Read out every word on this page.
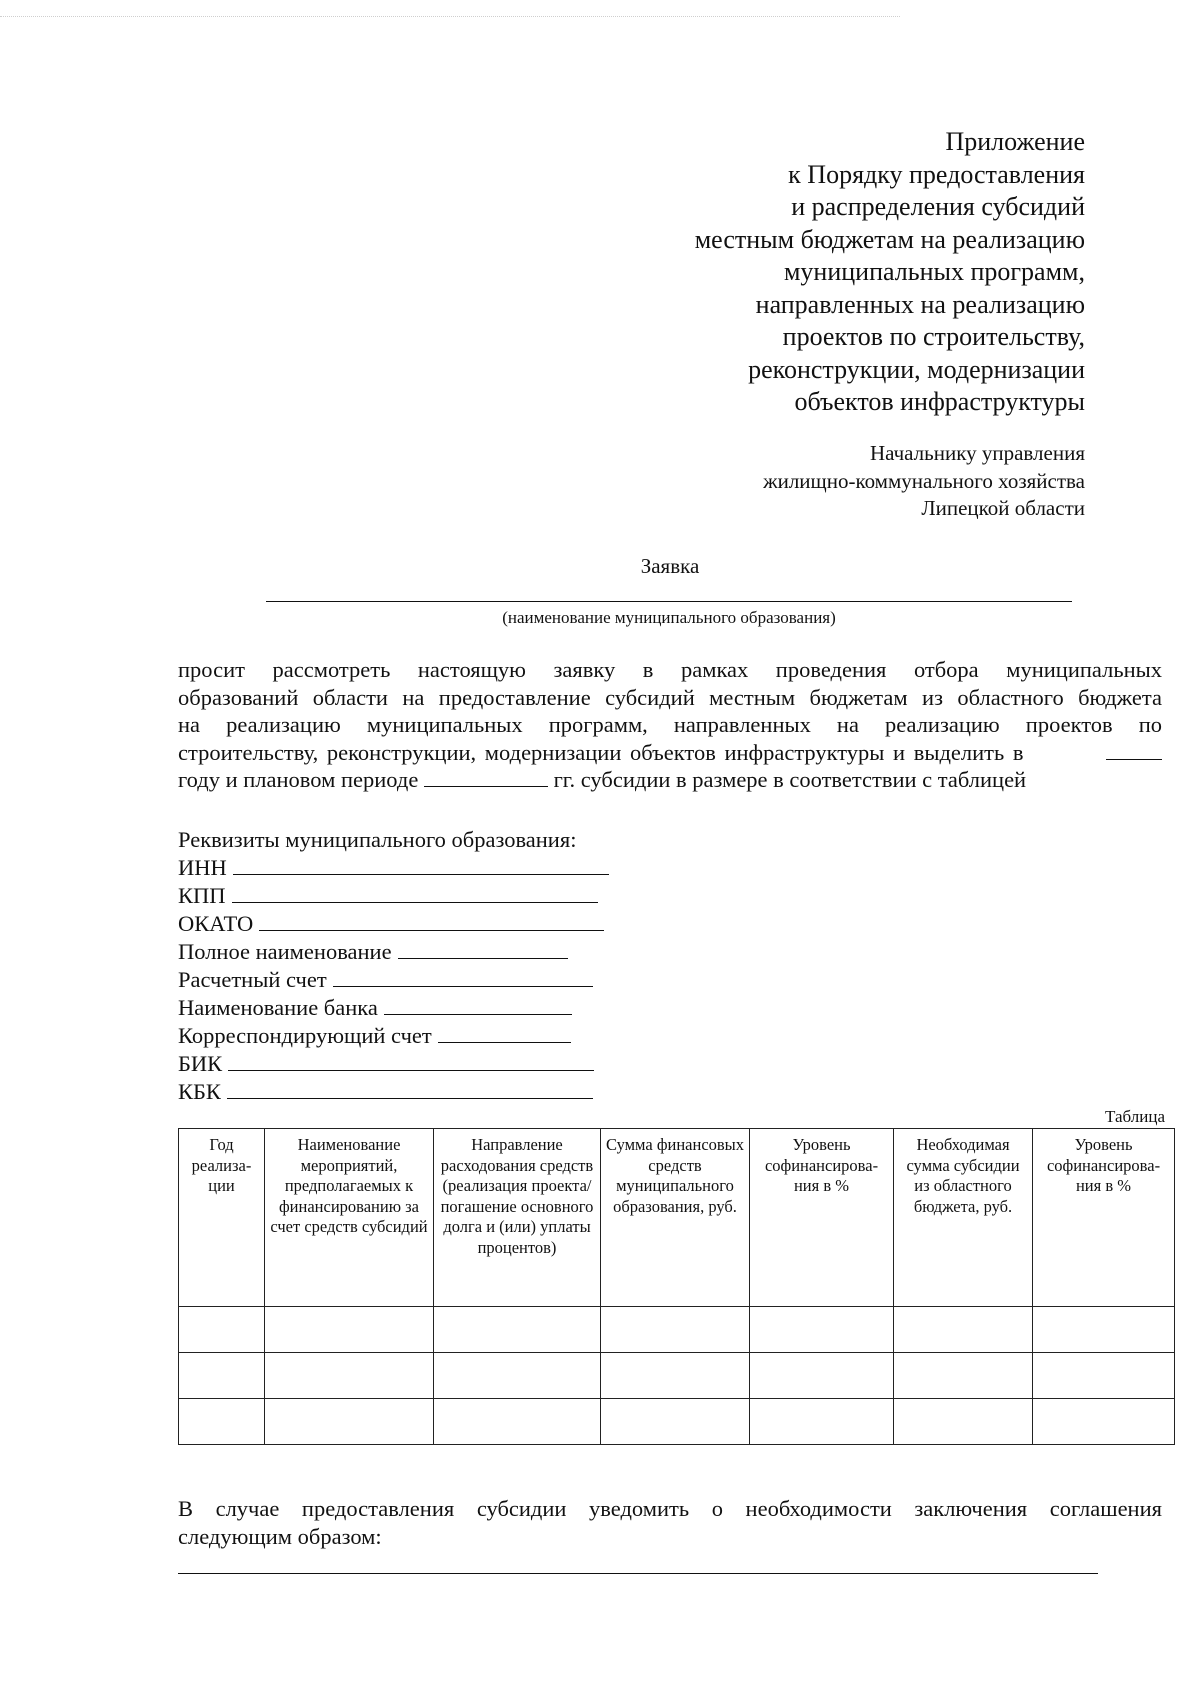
Приложение
к Порядку предоставления
и распределения субсидий
местным бюджетам на реализацию
муниципальных программ,
направленных на реализацию
проектов по строительству,
реконструкции, модернизации
объектов инфраструктуры
Начальнику управления
жилищно-коммунального хозяйства
Липецкой области
Заявка
(наименование муниципального образования)
просит рассмотреть настоящую заявку в рамках проведения отбора муниципальных
образований области на предоставление субсидий местным бюджетам из областного бюджета
на реализацию муниципальных программ, направленных на реализацию проектов по
строительству, реконструкции, модернизации объектов инфраструктуры и выделить в
году и плановом периоде	гг. субсидии в размере в соответствии с таблицей
Реквизиты муниципального образования:
ИНН
КПП
ОКАТО
Полное наименование
Расчетный счет
Наименование банка
Корреспондирующий счет
БИК
КБК
Таблица
Год реализа- ции	Наименование мероприятий, предполагаемых к финансированию за счет средств субсидий	Направление расходования средств (реализация проекта/погашение основного долга и (или) уплаты процентов)	Сумма финансовых средств муниципального образования, руб.	Уровень софинансирова- ния в %	Необходимая сумма субсидии из областного бюджета, руб.	Уровень софинансирова- ния в %

В случае предоставления субсидии уведомить о необходимости заключения соглашения
следующим образом:
